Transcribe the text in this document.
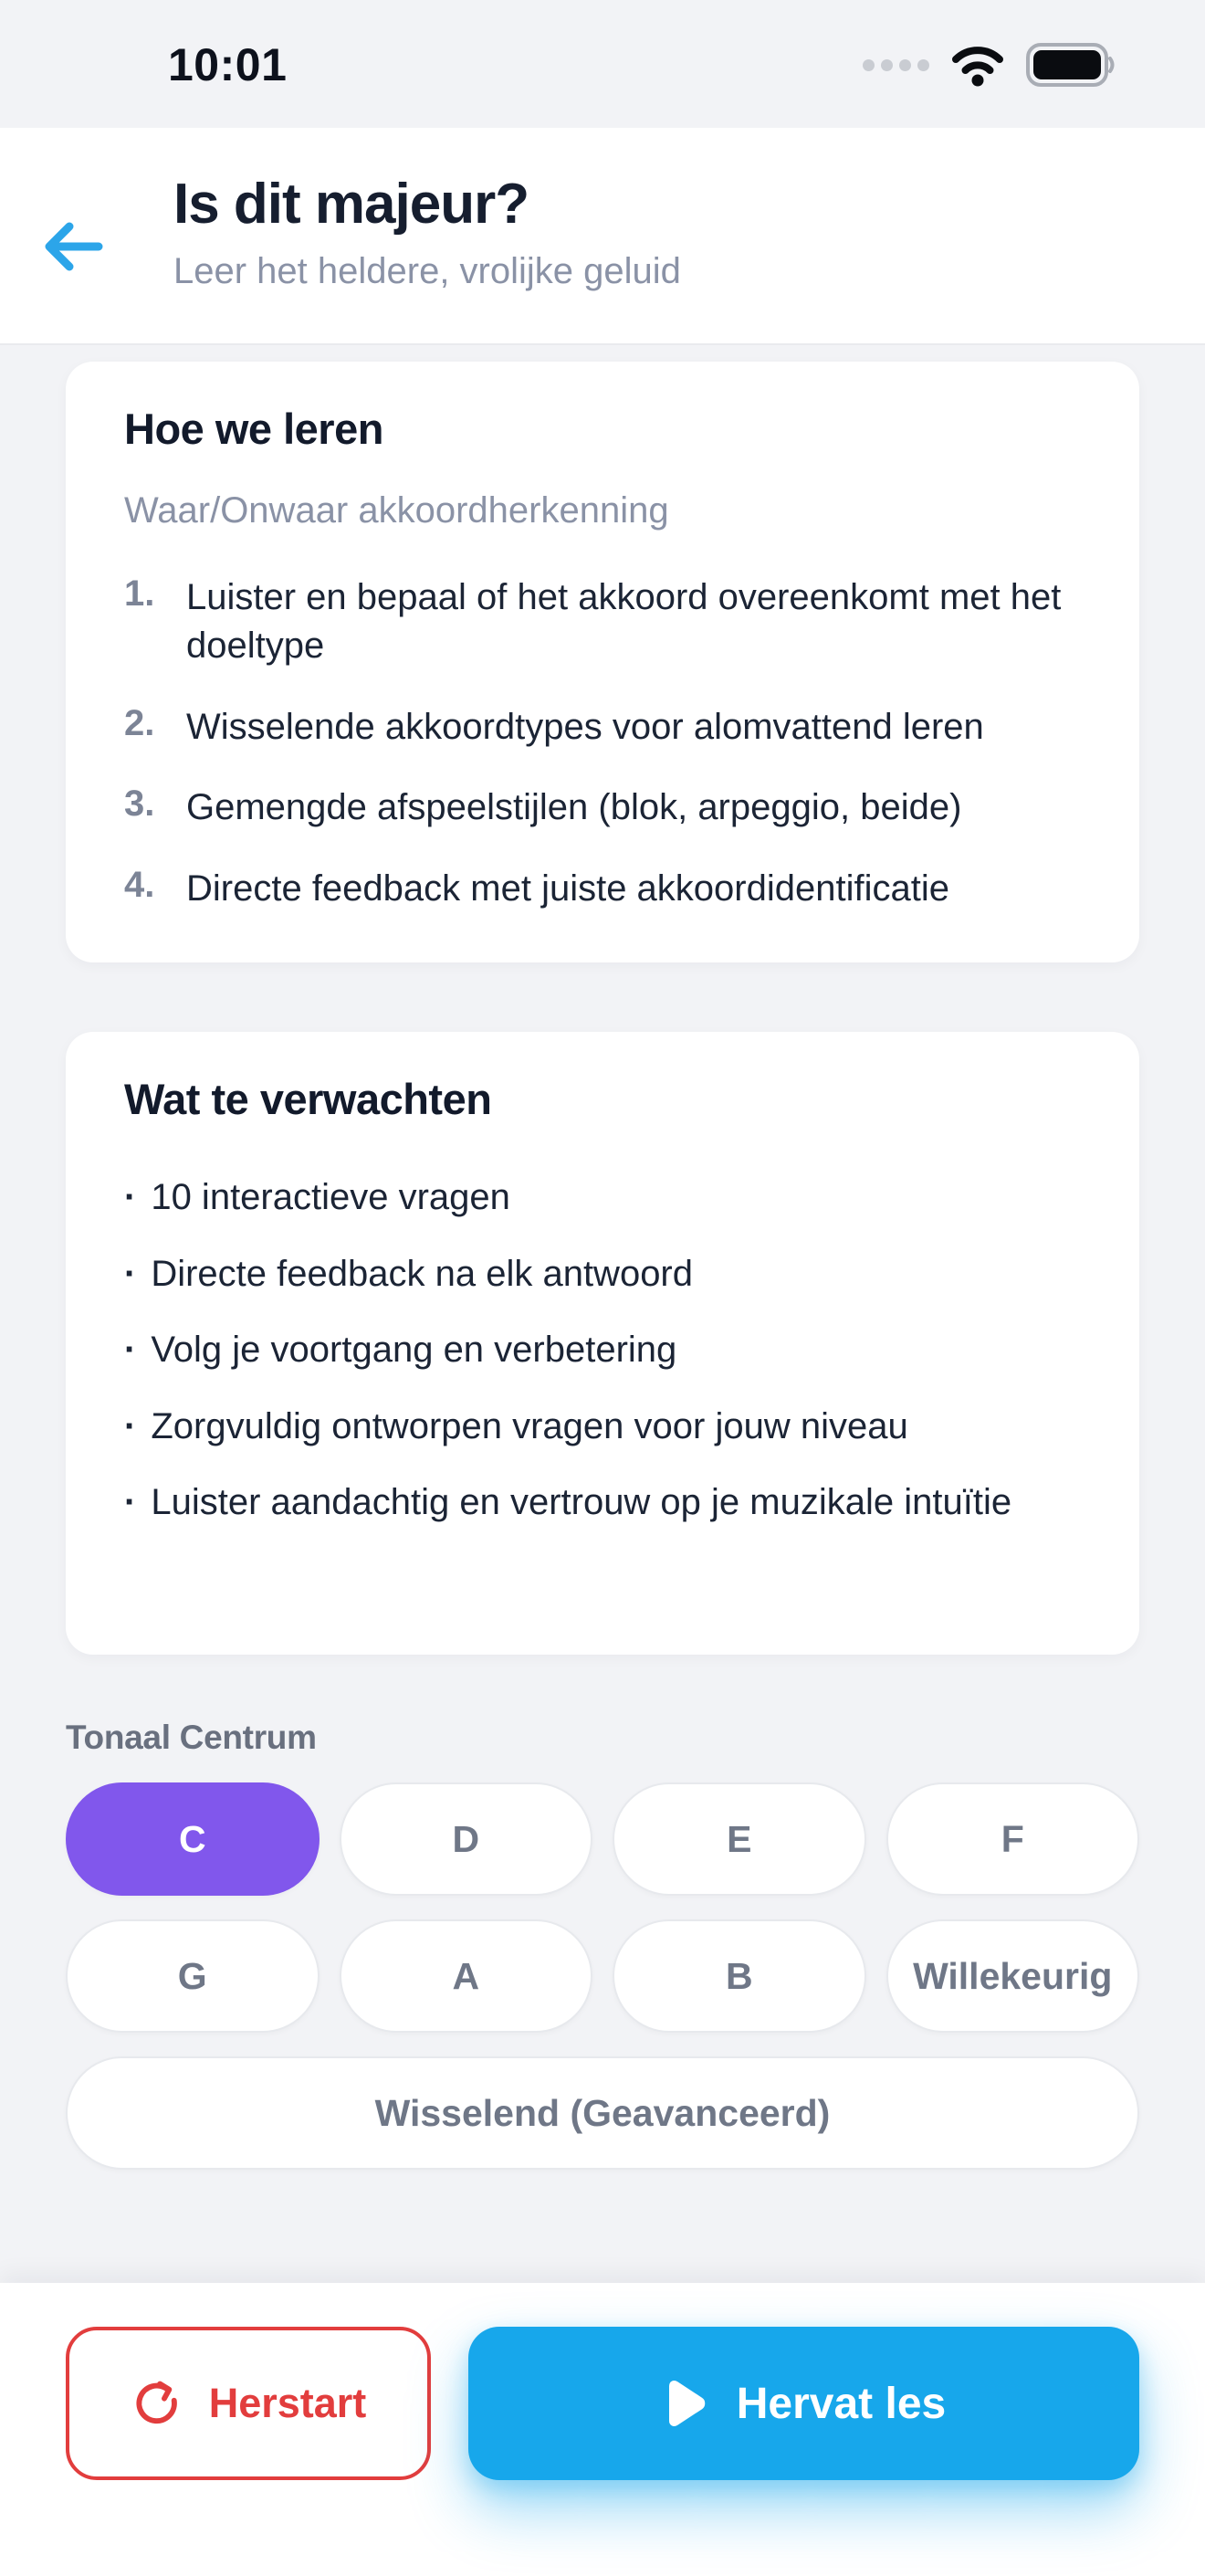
10:01
Is dit majeur?
Leer het heldere, vrolijke geluid
Hoe we leren
Waar/Onwaar akkoordherkenning
1. Luister en bepaal of het akkoord overeenkomt met het doeltype
2. Wisselende akkoordtypes voor alomvattend leren
3. Gemengde afspeelstijlen (blok, arpeggio, beide)
4. Directe feedback met juiste akkoordidentificatie
Wat te verwachten
· 10 interactieve vragen
· Directe feedback na elk antwoord
· Volg je voortgang en verbetering
· Zorgvuldig ontworpen vragen voor jouw niveau
· Luister aandachtig en vertrouw op je muzikale intuïtie
Tonaal Centrum
C	D	E	F
G	A	B	Willekeurig
Wisselend (Geavanceerd)
Herstart	Hervat les
